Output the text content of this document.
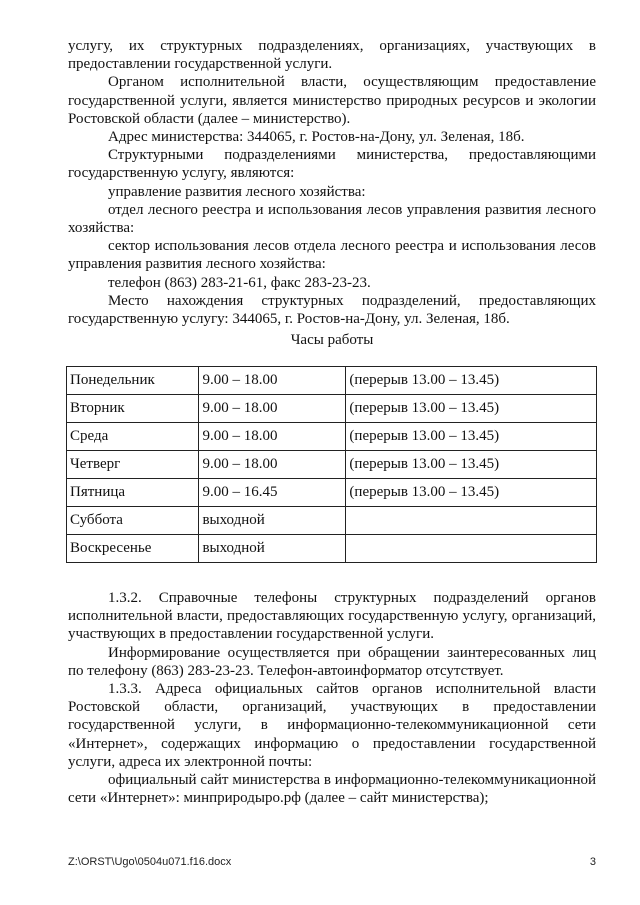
услугу, их структурных подразделениях, организациях, участвующих в предоставлении государственной услуги.

Органом исполнительной власти, осуществляющим предоставление государственной услуги, является министерство природных ресурсов и экологии Ростовской области (далее – министерство).

Адрес министерства: 344065, г. Ростов-на-Дону, ул. Зеленая, 18б.

Структурными подразделениями министерства, предоставляющими государственную услугу, являются:

управление развития лесного хозяйства:

отдел лесного реестра и использования лесов управления развития лесного хозяйства:

сектор использования лесов отдела лесного реестра и использования лесов управления развития лесного хозяйства:

телефон (863) 283-21-61, факс 283-23-23.

Место нахождения структурных подразделений, предоставляющих государственную услугу: 344065, г. Ростов-на-Дону, ул. Зеленая, 18б.

Часы работы
Понедельник	9.00 – 18.00	(перерыв 13.00 – 13.45)
Вторник	9.00 – 18.00	(перерыв 13.00 – 13.45)
Среда	9.00 – 18.00	(перерыв 13.00 – 13.45)
Четверг	9.00 – 18.00	(перерыв 13.00 – 13.45)
Пятница	9.00 – 16.45	(перерыв 13.00 – 13.45)
Суббота	выходной	
Воскресенье	выходной	

1.3.2. Справочные телефоны структурных подразделений органов исполнительной власти, предоставляющих государственную услугу, организаций, участвующих в предоставлении государственной услуги.

Информирование осуществляется при обращении заинтересованных лиц по телефону (863) 283-23-23. Телефон-автоинформатор отсутствует.

1.3.3. Адреса официальных сайтов органов исполнительной власти Ростовской области, организаций, участвующих в предоставлении государственной услуги, в информационно-телекоммуникационной сети «Интернет», содержащих информацию о предоставлении государственной услуги, адреса их электронной почты:

официальный сайт министерства в информационно-телекоммуникационной сети «Интернет»: минприродыро.рф (далее – сайт министерства);

Z:\ORST\Ugo\0504u071.f16.docx	3
